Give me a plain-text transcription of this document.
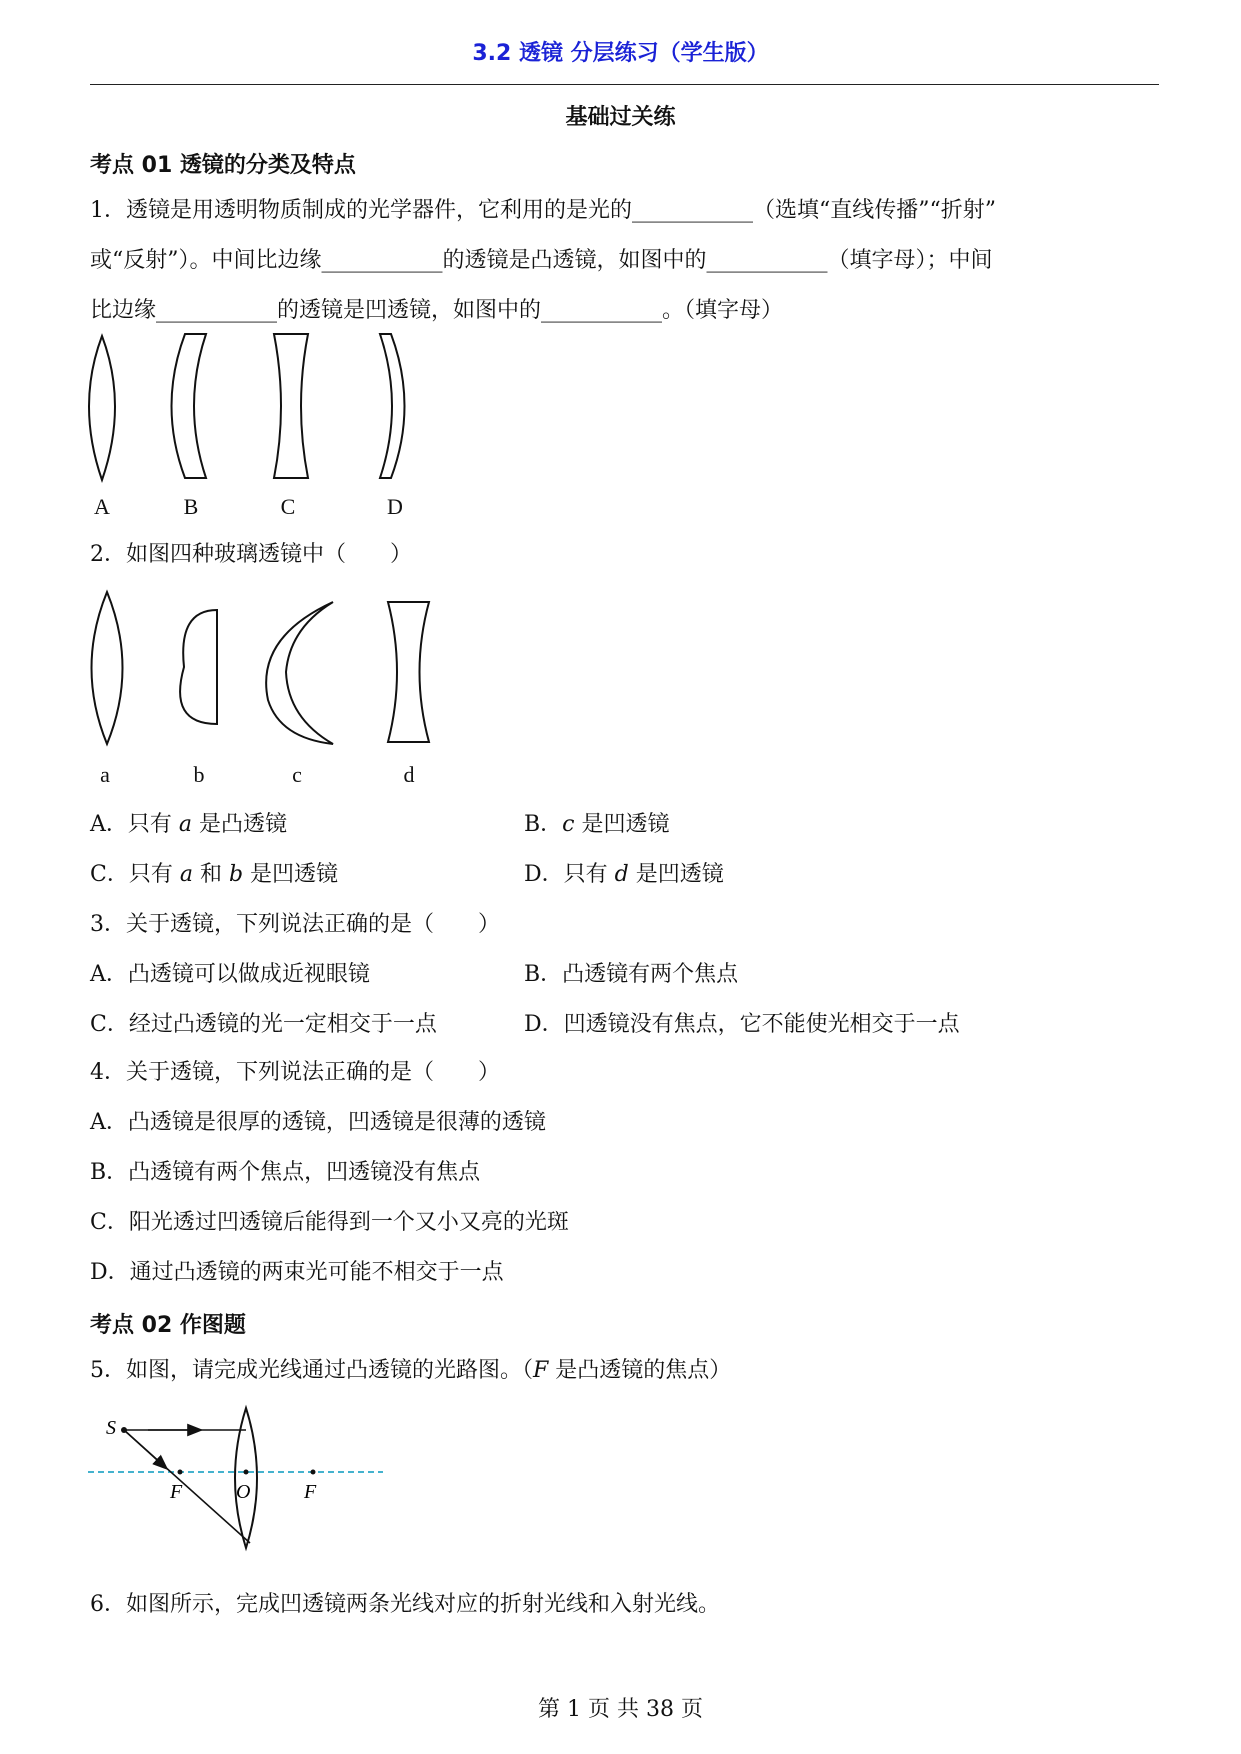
3.2 透镜 分层练习（学生版）
基础过关练
考点 01 透镜的分类及特点
1．透镜是用透明物质制成的光学器件，它利用的是光的___________（选填“直线传播”“折射”
或“反射”）。中间比边缘___________的透镜是凸透镜，如图中的___________（填字母）；中间
比边缘___________的透镜是凹透镜，如图中的___________。（填字母）
A	B	C	D
2．如图四种玻璃透镜中（　　）
a	b	c	d
A．只有 a 是凸透镜	B．c 是凹透镜
C．只有 a 和 b 是凹透镜	D．只有 d 是凹透镜
3．关于透镜，下列说法正确的是（　　）
A．凸透镜可以做成近视眼镜	B．凸透镜有两个焦点
C．经过凸透镜的光一定相交于一点	D．凹透镜没有焦点，它不能使光相交于一点
4．关于透镜，下列说法正确的是（　　）
A．凸透镜是很厚的透镜，凹透镜是很薄的透镜
B．凸透镜有两个焦点，凹透镜没有焦点
C．阳光透过凹透镜后能得到一个又小又亮的光斑
D．通过凸透镜的两束光可能不相交于一点
考点 02 作图题
5．如图，请完成光线通过凸透镜的光路图。（F 是凸透镜的焦点）
S
F	O	F
6．如图所示，完成凹透镜两条光线对应的折射光线和入射光线。
第 1 页 共 38 页
